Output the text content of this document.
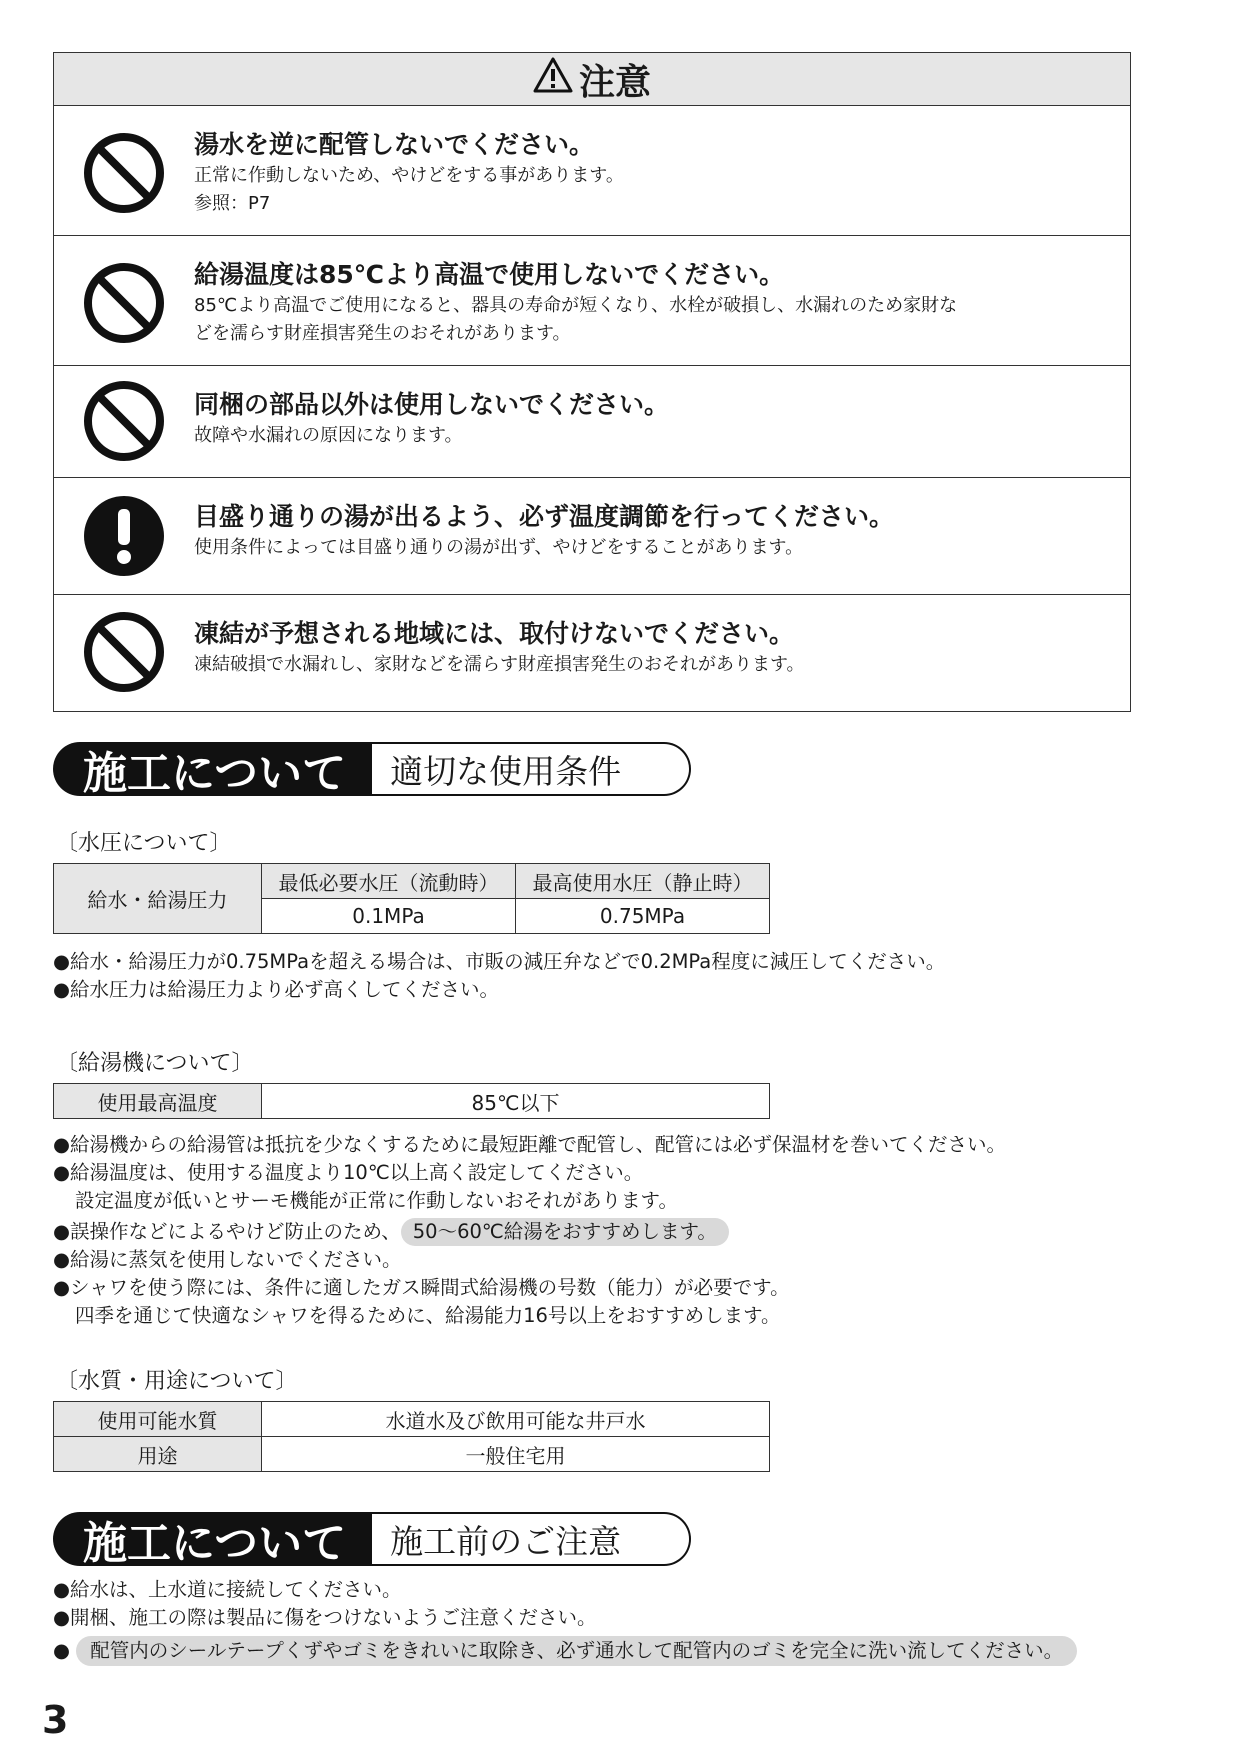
注意
湯水を逆に配管しないでください。
正常に作動しないため、やけどをする事があります。
参照：P7
給湯温度は85℃より高温で使用しないでください。
85℃より高温でご使用になると、器具の寿命が短くなり、水栓が破損し、水漏れのため家財な
どを濡らす財産損害発生のおそれがあります。
同梱の部品以外は使用しないでください。
故障や水漏れの原因になります。
目盛り通りの湯が出るよう、必ず温度調節を行ってください。
使用条件によっては目盛り通りの湯が出ず、やけどをすることがあります。
凍結が予想される地域には、取付けないでください。
凍結破損で水漏れし、家財などを濡らす財産損害発生のおそれがあります。
施工について	適切な使用条件
〔水圧について〕
給水・給湯圧力	最低必要水圧（流動時）	最高使用水圧（静止時）
	0.1MPa	0.75MPa
●給水・給湯圧力が0.75MPaを超える場合は、市販の減圧弁などで0.2MPa程度に減圧してください。
●給水圧力は給湯圧力より必ず高くしてください。
〔給湯機について〕
使用最高温度	85℃以下
●給湯機からの給湯管は抵抗を少なくするために最短距離で配管し、配管には必ず保温材を巻いてください。
●給湯温度は、使用する温度より10℃以上高く設定してください。
設定温度が低いとサーモ機能が正常に作動しないおそれがあります。
●誤操作などによるやけど防止のため、 50～60℃給湯をおすすめします。
●給湯に蒸気を使用しないでください。
●シャワを使う際には、条件に適したガス瞬間式給湯機の号数（能力）が必要です。
四季を通じて快適なシャワを得るために、給湯能力16号以上をおすすめします。
〔水質・用途について〕
使用可能水質	水道水及び飲用可能な井戸水
用途	一般住宅用
施工について	施工前のご注意
●給水は、上水道に接続してください。
●開梱、施工の際は製品に傷をつけないようご注意ください。
● 配管内のシールテープくずやゴミをきれいに取除き、必ず通水して配管内のゴミを完全に洗い流してください。
3
